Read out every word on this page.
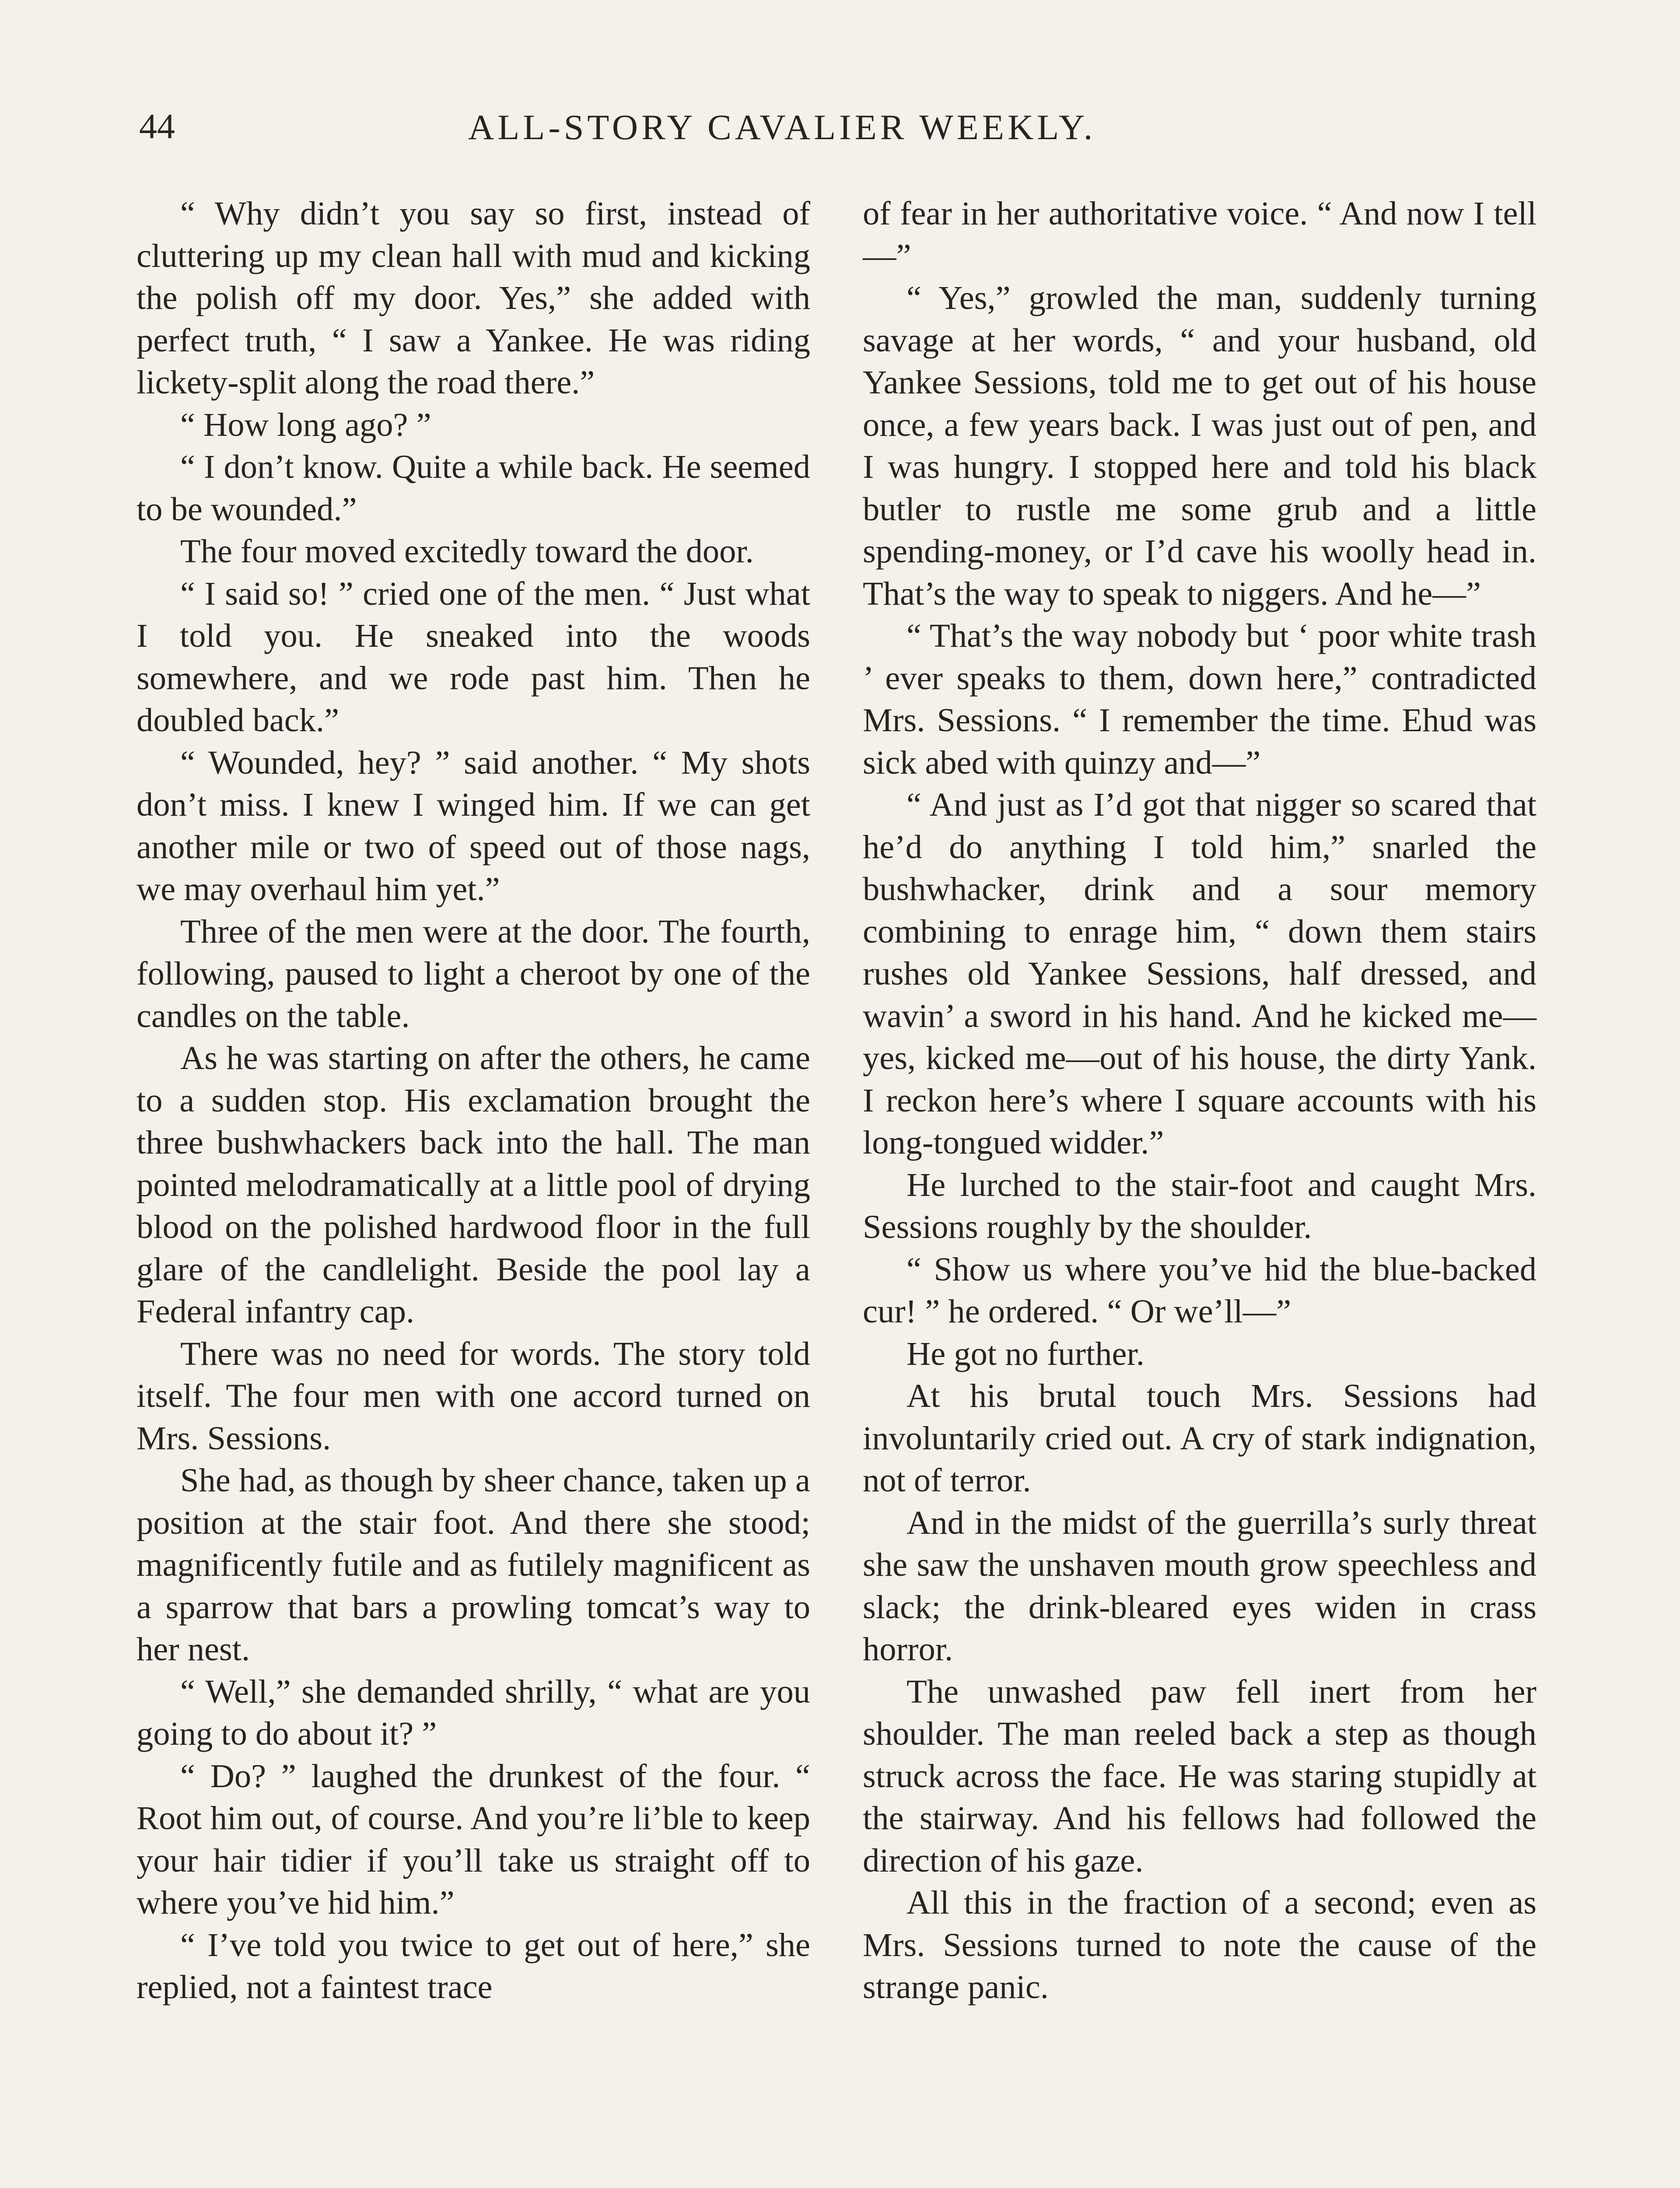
44	ALL-STORY CAVALIER WEEKLY.

“ Why didn’t you say so first, instead of cluttering up my clean hall with mud and kicking the polish off my door. Yes,” she added with perfect truth, “ I saw a Yankee. He was riding lickety-split along the road there.”

“ How long ago? ”

“ I don’t know. Quite a while back. He seemed to be wounded.”

The four moved excitedly toward the door.

“ I said so! ” cried one of the men. “ Just what I told you. He sneaked into the woods somewhere, and we rode past him. Then he doubled back.”

“ Wounded, hey? ” said another. “ My shots don’t miss. I knew I winged him. If we can get another mile or two of speed out of those nags, we may overhaul him yet.”

Three of the men were at the door. The fourth, following, paused to light a cheroot by one of the candles on the table.

As he was starting on after the others, he came to a sudden stop. His exclamation brought the three bushwhackers back into the hall. The man pointed melodramatically at a little pool of drying blood on the polished hardwood floor in the full glare of the candlelight. Beside the pool lay a Federal infantry cap.

There was no need for words. The story told itself. The four men with one accord turned on Mrs. Sessions.

She had, as though by sheer chance, taken up a position at the stair foot. And there she stood; magnificently futile and as futilely magnificent as a sparrow that bars a prowling tomcat’s way to her nest.

“ Well,” she demanded shrilly, “ what are you going to do about it? ”

“ Do? ” laughed the drunkest of the four. “ Root him out, of course. And you’re li’ble to keep your hair tidier if you’ll take us straight off to where you’ve hid him.”

“ I’ve told you twice to get out of here,” she replied, not a faintest trace

of fear in her authoritative voice. “ And now I tell—”

“ Yes,” growled the man, suddenly turning savage at her words, “ and your husband, old Yankee Sessions, told me to get out of his house once, a few years back. I was just out of pen, and I was hungry. I stopped here and told his black butler to rustle me some grub and a little spending-money, or I’d cave his woolly head in. That’s the way to speak to niggers. And he—”

“ That’s the way nobody but ‘ poor white trash ’ ever speaks to them, down here,” contradicted Mrs. Sessions. “ I remember the time. Ehud was sick abed with quinzy and—”

“ And just as I’d got that nigger so scared that he’d do anything I told him,” snarled the bushwhacker, drink and a sour memory combining to enrage him, “ down them stairs rushes old Yankee Sessions, half dressed, and wavin’ a sword in his hand. And he kicked me—yes, kicked me—out of his house, the dirty Yank. I reckon here’s where I square accounts with his long-tongued widder.”

He lurched to the stair-foot and caught Mrs. Sessions roughly by the shoulder.

“ Show us where you’ve hid the blue-backed cur! ” he ordered. “ Or we’ll—”

He got no further.

At his brutal touch Mrs. Sessions had involuntarily cried out. A cry of stark indignation, not of terror.

And in the midst of the guerrilla’s surly threat she saw the unshaven mouth grow speechless and slack; the drink-bleared eyes widen in crass horror.

The unwashed paw fell inert from her shoulder. The man reeled back a step as though struck across the face. He was staring stupidly at the stairway. And his fellows had followed the direction of his gaze.

All this in the fraction of a second; even as Mrs. Sessions turned to note the cause of the strange panic.
